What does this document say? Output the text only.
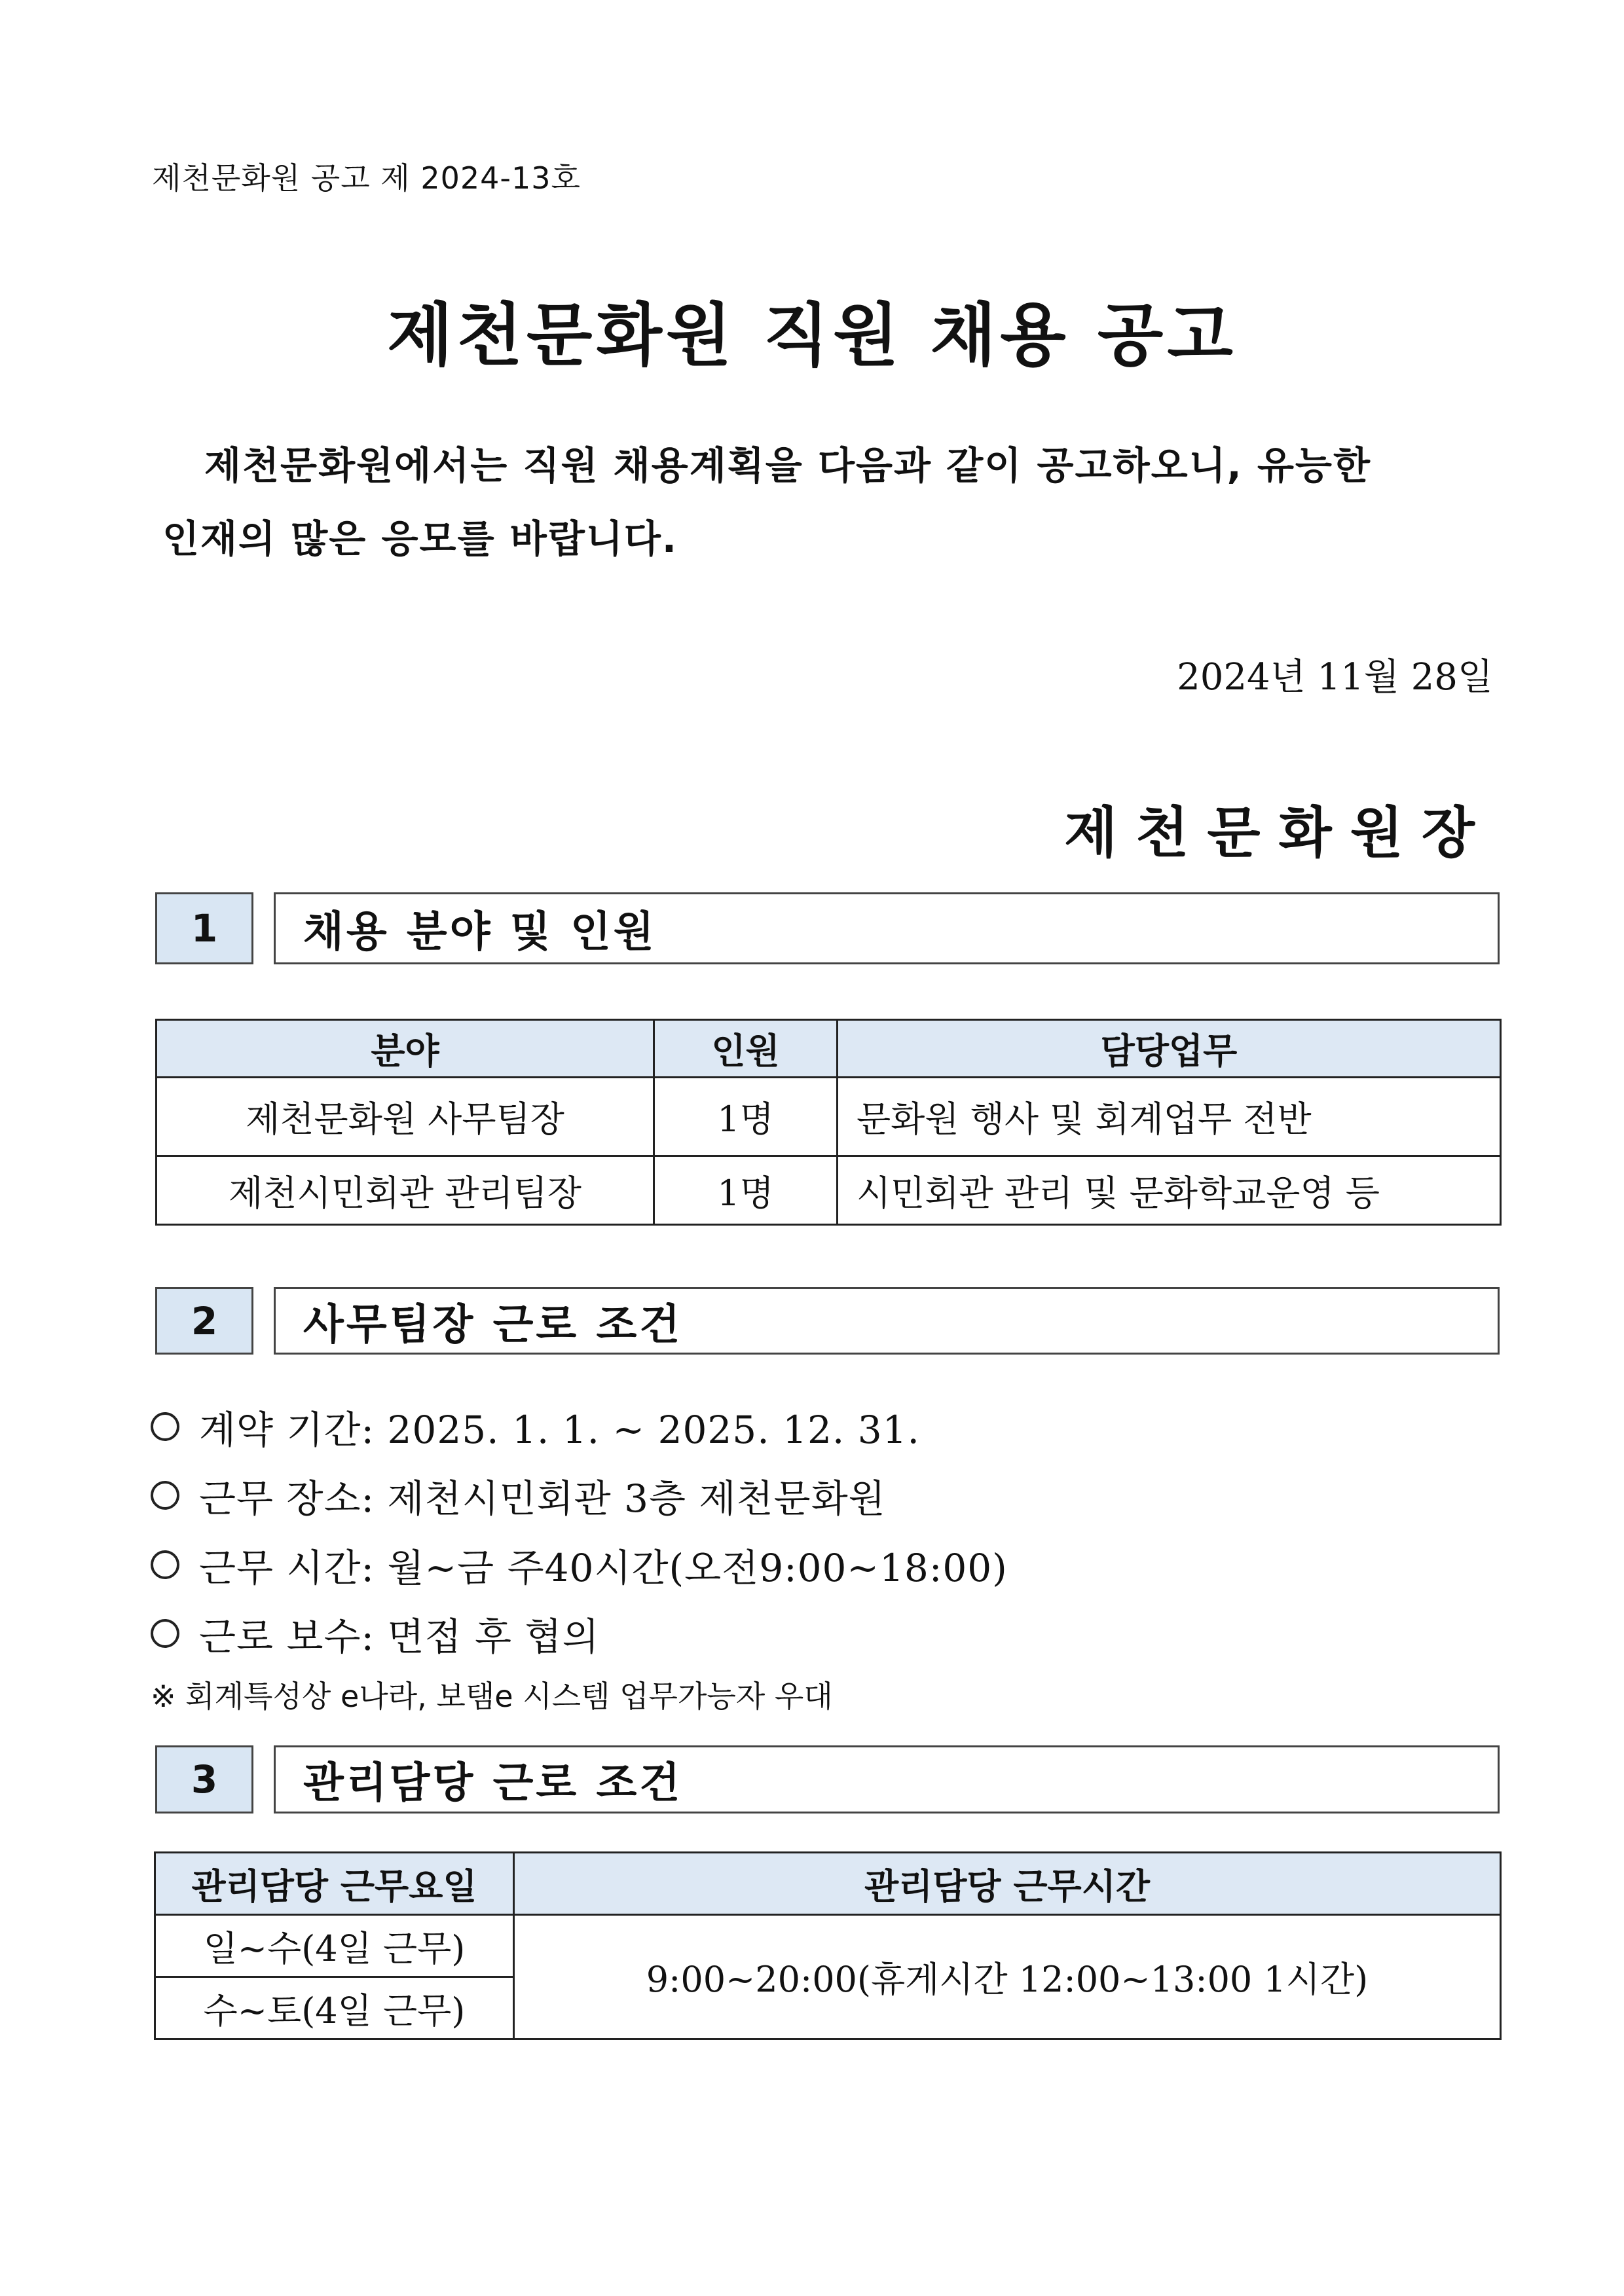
제천문화원 공고 제 2024-13호
제천문화원 직원 채용 공고
제천문화원에서는 직원 채용계획을 다음과 같이 공고하오니, 유능한
인재의 많은 응모를 바랍니다.
2024년 11월 28일
제천문화원장
1	채용 분야 및 인원
분야	인원	담당업무
제천문화원 사무팀장	1명	문화원 행사 및 회계업무 전반
제천시민회관 관리팀장	1명	시민회관 관리 및 문화학교운영 등
2	사무팀장 근로 조건
계약 기간: 2025. 1. 1. ~ 2025. 12. 31.
근무 장소: 제천시민회관 3층 제천문화원
근무 시간: 월~금 주40시간(오전9:00~18:00)
근로 보수: 면접 후 협의
※ 회계특성상 e나라, 보탬e 시스템 업무가능자 우대
3	관리담당 근로 조건
관리담당 근무요일	관리담당 근무시간
일~수(4일 근무)	9:00~20:00(휴게시간 12:00~13:00 1시간)
수~토(4일 근무)	
